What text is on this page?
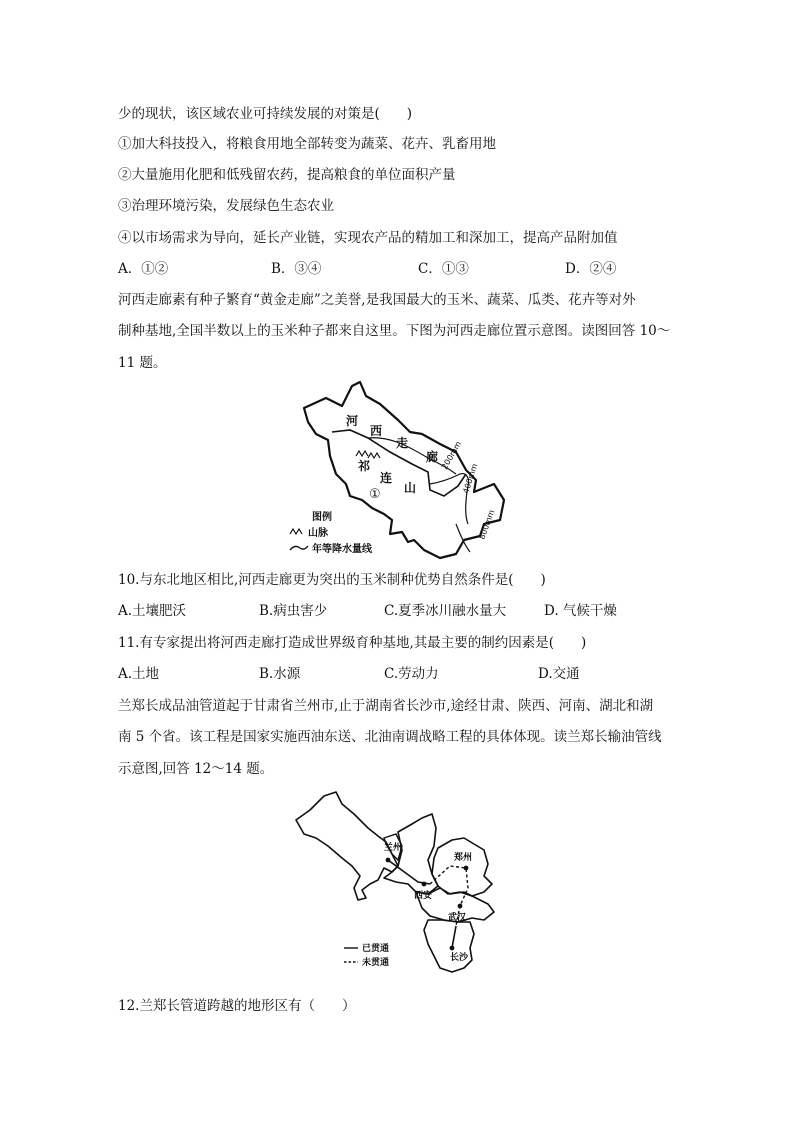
少的现状，该区域农业可持续发展的对策是(　　)
①加大科技投入，将粮食用地全部转变为蔬菜、花卉、乳畜用地
②大量施用化肥和低残留农药，提高粮食的单位面积产量
③治理环境污染，发展绿色生态农业
④以市场需求为导向，延长产业链，实现农产品的精加工和深加工，提高产品附加值
A．①②	B．③④	C．①③	D．②④
河西走廊素有种子繁育“黄金走廊”之美誉,是我国最大的玉米、蔬菜、瓜类、花卉等对外
制种基地,全国半数以上的玉米种子都来自这里。下图为河西走廊位置示意图。读图回答 10～
11 题。
河
西
走
廊
祁
连
山
①
200mm
400mm
800mm
图例
山脉
年等降水量线
10.与东北地区相比,河西走廊更为突出的玉米制种优势自然条件是(　　)
A.土壤肥沃	B.病虫害少	C.夏季冰川融水量大	D. 气候干燥
11.有专家提出将河西走廊打造成世界级育种基地,其最主要的制约因素是(　　)
A.土地	B.水源	C.劳动力	D.交通
兰郑长成品油管道起于甘肃省兰州市,止于湖南省长沙市,途经甘肃、陕西、河南、湖北和湖
南 5 个省。该工程是国家实施西油东送、北油南调战略工程的具体体现。读兰郑长输油管线
示意图,回答 12～14 题。
兰州
西安
郑州
武汉
长沙
已贯通
未贯通
12.兰郑长管道跨越的地形区有（　　）
